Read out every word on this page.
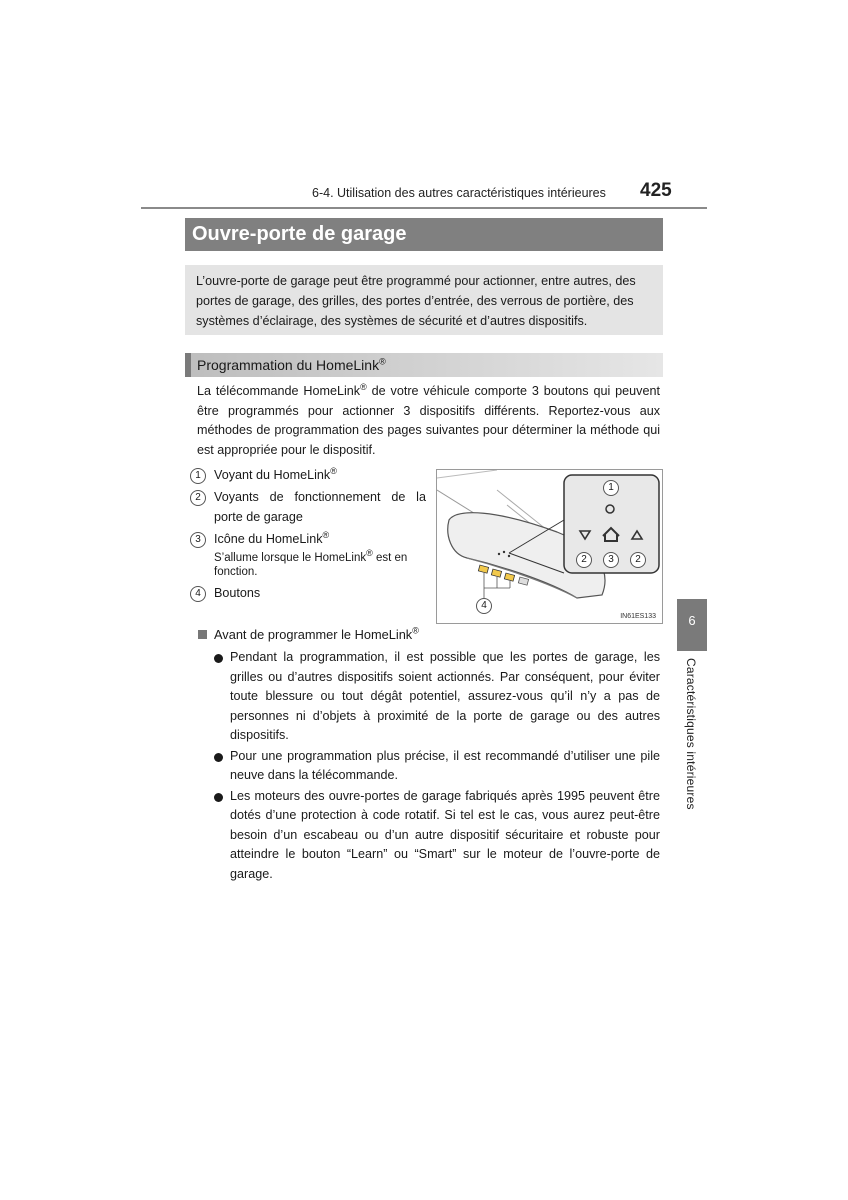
6-4. Utilisation des autres caractéristiques intérieures 425
Ouvre-porte de garage
L’ouvre-porte de garage peut être programmé pour actionner, entre autres, des portes de garage, des grilles, des portes d’entrée, des verrous de portière, des systèmes d’éclairage, des systèmes de sécurité et d’autres dispositifs.
Programmation du HomeLink®
La télécommande HomeLink® de votre véhicule comporte 3 boutons qui peuvent être programmés pour actionner 3 dispositifs différents. Reportez-vous aux méthodes de programmation des pages suivantes pour déterminer la méthode qui est appropriée pour le dispositif.
1	Voyant du HomeLink®
2	Voyants de fonctionnement de la porte de garage
3	Icône du HomeLink®
S’allume lorsque le HomeLink® est en fonction.
4	Boutons
1
2	3	2
4
IN61ES133
Avant de programmer le HomeLink®
Pendant la programmation, il est possible que les portes de garage, les grilles ou d’autres dispositifs soient actionnés. Par conséquent, pour éviter toute blessure ou tout dégât potentiel, assurez-vous qu’il n’y a pas de personnes ni d’objets à proximité de la porte de garage ou des autres dispositifs.
Pour une programmation plus précise, il est recommandé d’utiliser une pile neuve dans la télécommande.
Les moteurs des ouvre-portes de garage fabriqués après 1995 peuvent être dotés d’une protection à code rotatif. Si tel est le cas, vous aurez peut-être besoin d’un escabeau ou d’un autre dispositif sécuritaire et robuste pour atteindre le bouton “Learn” ou “Smart” sur le moteur de l’ouvre-porte de garage.
6
Caractéristiques intérieures
